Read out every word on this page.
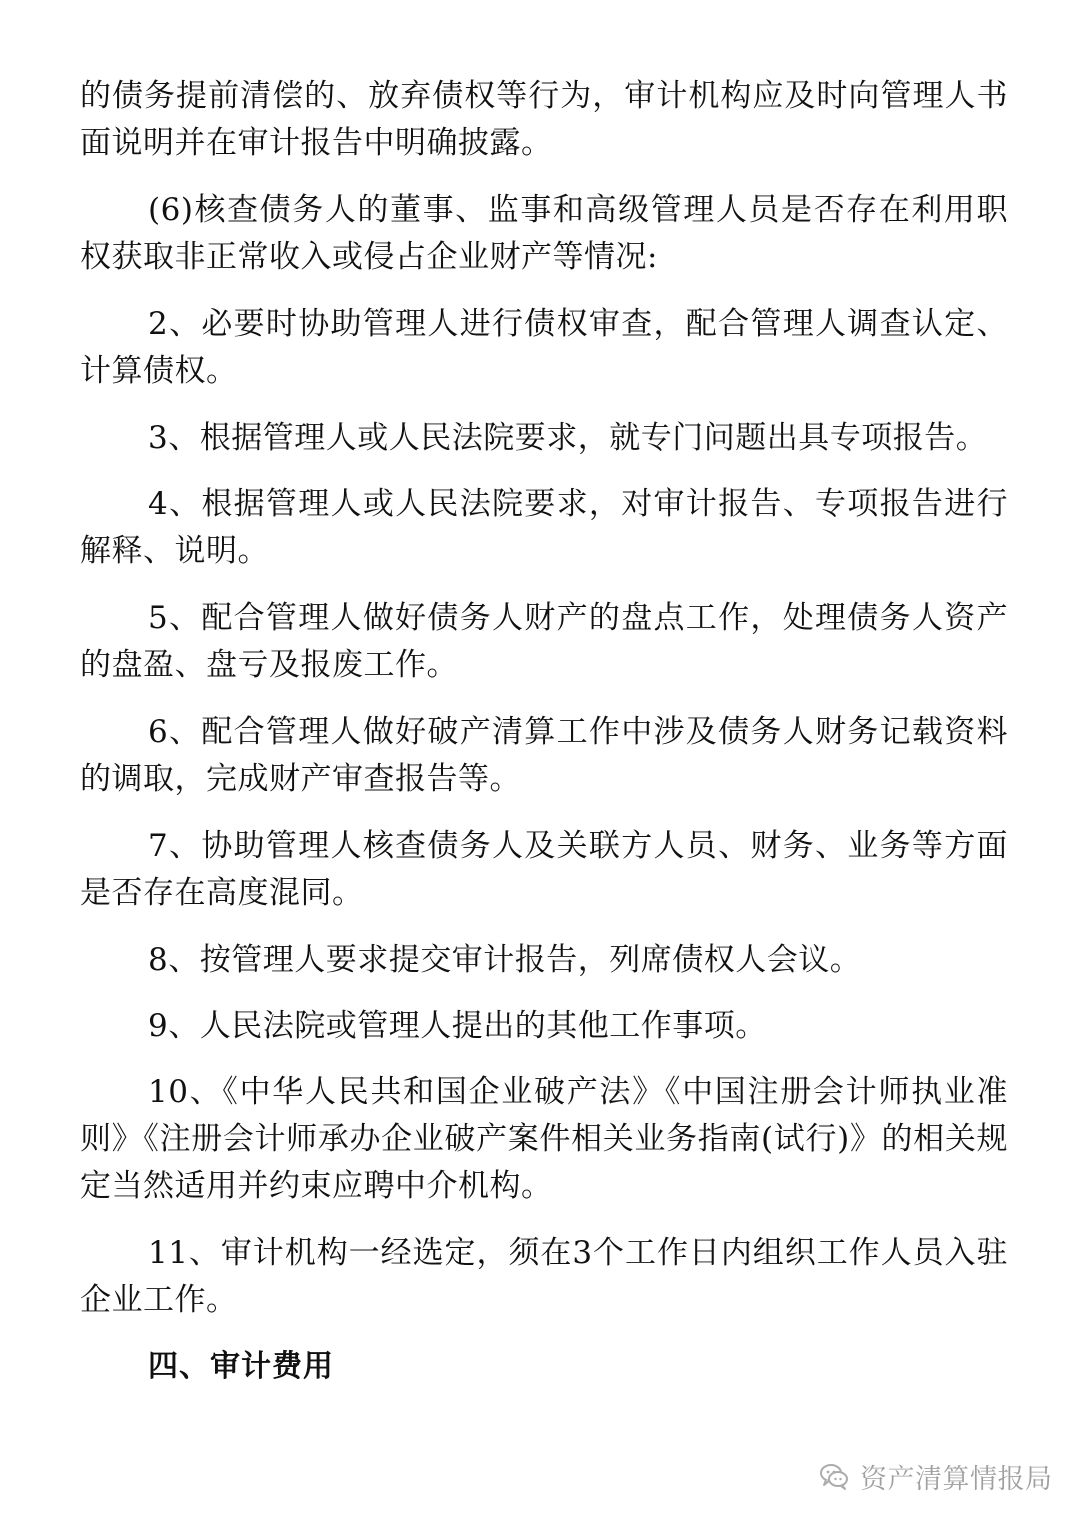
的债务提前清偿的、放弃债权等行为，审计机构应及时向管理人书面说明并在审计报告中明确披露。

(6)核查债务人的董事、监事和高级管理人员是否存在利用职权获取非正常收入或侵占企业财产等情况:

2、必要时协助管理人进行债权审查，配合管理人调查认定、计算债权。

3、根据管理人或人民法院要求，就专门问题出具专项报告。

4、根据管理人或人民法院要求，对审计报告、专项报告进行解释、说明。

5、配合管理人做好债务人财产的盘点工作，处理债务人资产的盘盈、盘亏及报废工作。

6、配合管理人做好破产清算工作中涉及债务人财务记载资料的调取，完成财产审查报告等。

7、协助管理人核查债务人及关联方人员、财务、业务等方面是否存在高度混同。

8、按管理人要求提交审计报告，列席债权人会议。

9、人民法院或管理人提出的其他工作事项。

10、《中华人民共和国企业破产法》《中国注册会计师执业准则》《注册会计师承办企业破产案件相关业务指南(试行)》的相关规定当然适用并约束应聘中介机构。

11、审计机构一经选定，须在3个工作日内组织工作人员入驻企业工作。

四、审计费用
资产清算情报局
